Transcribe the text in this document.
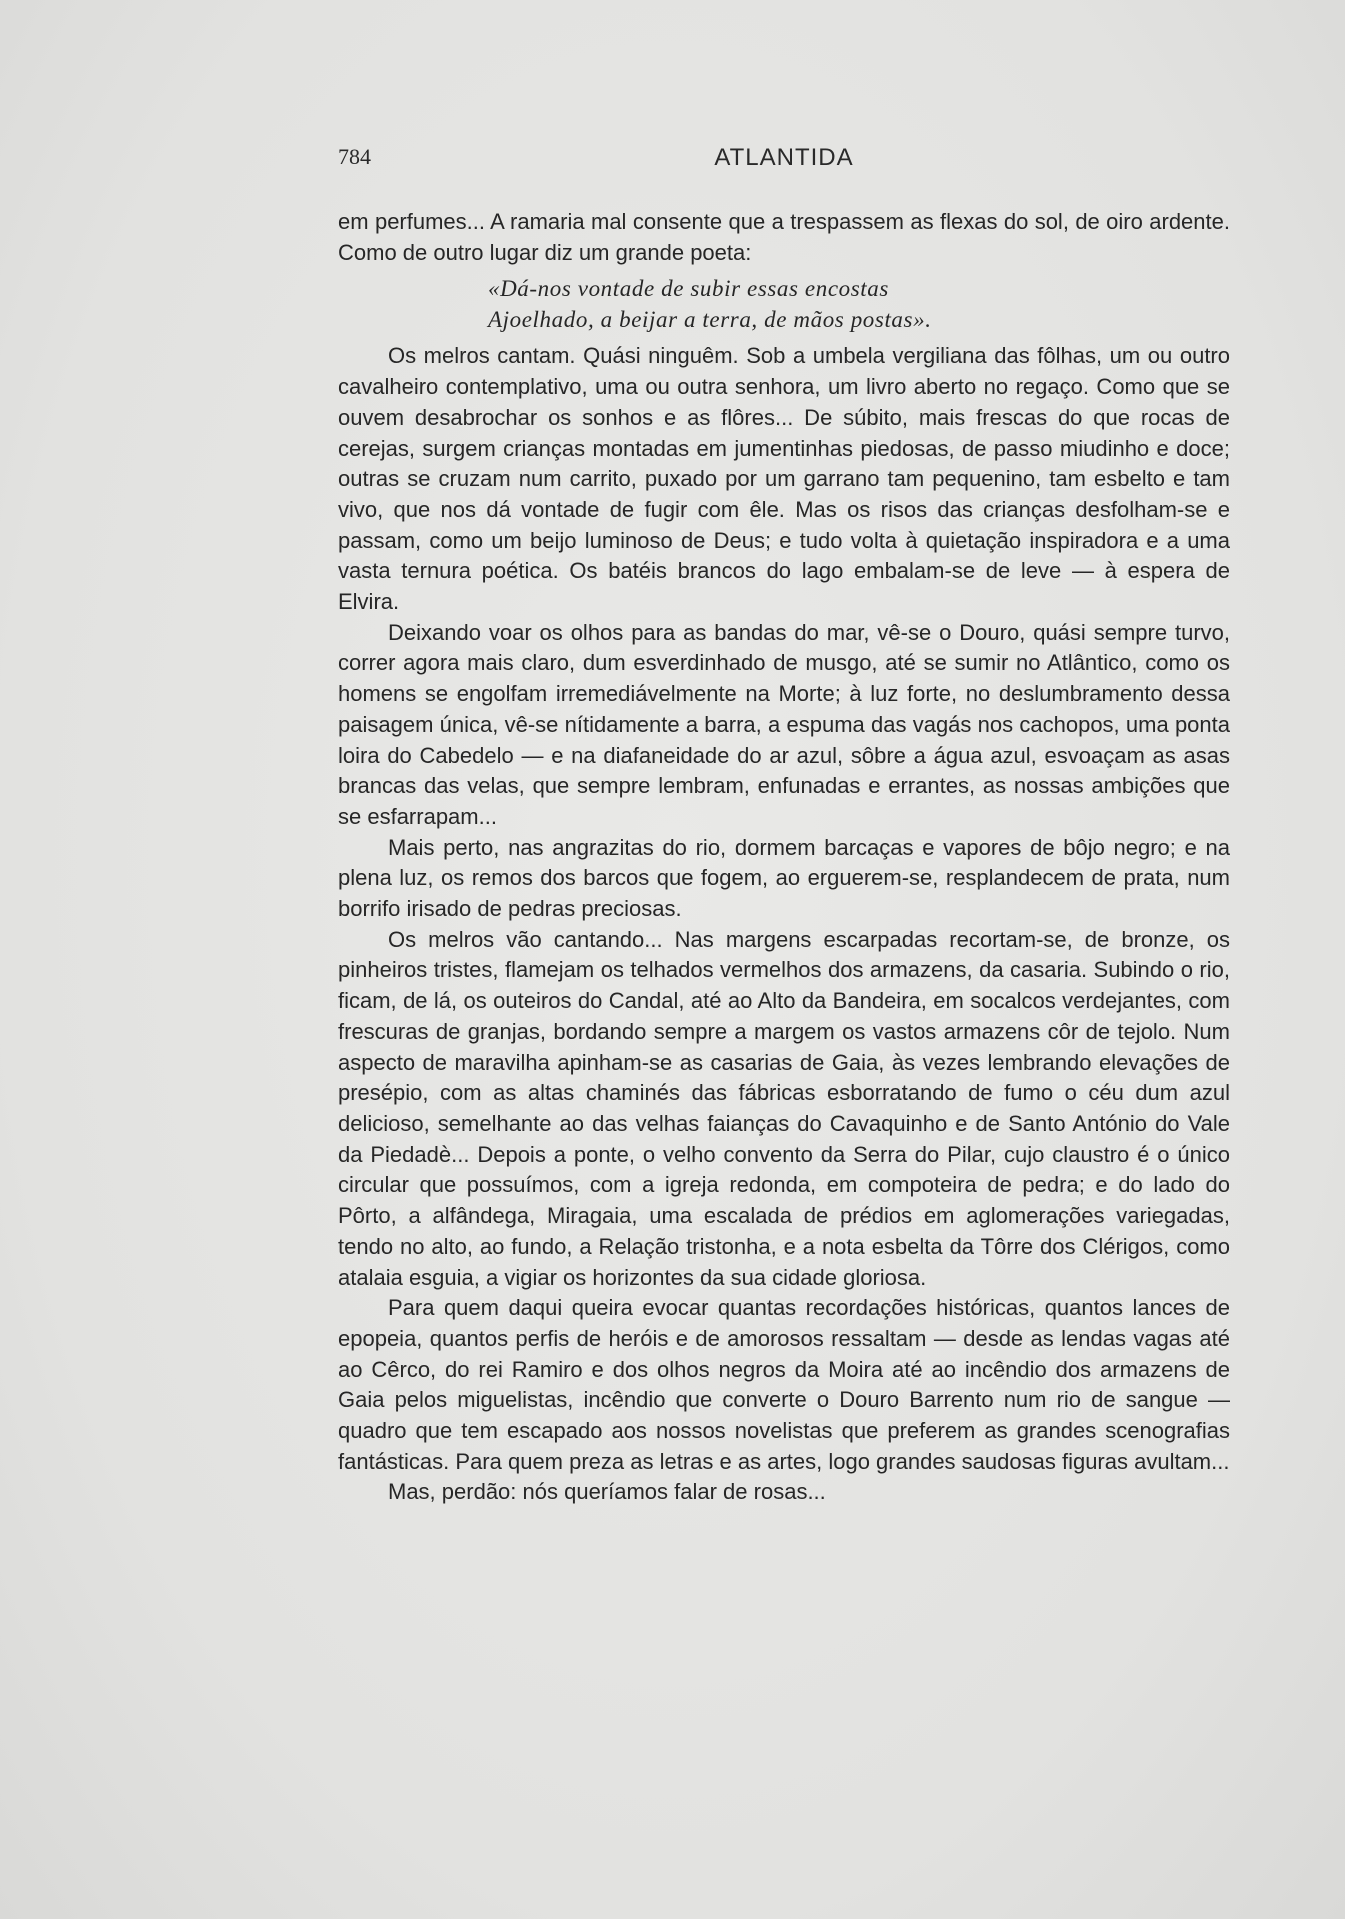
784	ATLANTIDA

em perfumes... A ramaria mal consente que a trespassem as flexas do sol, de oiro ardente. Como de outro lugar diz um grande poeta:

«Dá-nos vontade de subir essas encostas
Ajoelhado, a beijar a terra, de mãos postas».

Os melros cantam. Quási ninguêm. Sob a umbela vergiliana das fôlhas, um ou outro cavalheiro contemplativo, uma ou outra senhora, um livro aberto no regaço. Como que se ouvem desabrochar os sonhos e as flôres... De súbito, mais frescas do que rocas de cerejas, surgem crianças montadas em jumentinhas piedosas, de passo miudinho e doce; outras se cruzam num carrito, puxado por um garrano tam pequenino, tam esbelto e tam vivo, que nos dá vontade de fugir com êle. Mas os risos das crianças desfolham-se e passam, como um beijo luminoso de Deus; e tudo volta à quietação inspiradora e a uma vasta ternura poética. Os batéis brancos do lago embalam-se de leve — à espera de Elvira.

Deixando voar os olhos para as bandas do mar, vê-se o Douro, quási sempre turvo, correr agora mais claro, dum esverdinhado de musgo, até se sumir no Atlântico, como os homens se engolfam irremediávelmente na Morte; à luz forte, no deslumbramento dessa paisagem única, vê-se nítidamente a barra, a espuma das vagás nos cachopos, uma ponta loira do Cabedelo — e na diafaneidade do ar azul, sôbre a água azul, esvoaçam as asas brancas das velas, que sempre lembram, enfunadas e errantes, as nossas ambições que se esfarrapam...

Mais perto, nas angrazitas do rio, dormem barcaças e vapores de bôjo negro; e na plena luz, os remos dos barcos que fogem, ao erguerem-se, resplandecem de prata, num borrifo irisado de pedras preciosas.

Os melros vão cantando... Nas margens escarpadas recortam-se, de bronze, os pinheiros tristes, flamejam os telhados vermelhos dos armazens, da casaria. Subindo o rio, ficam, de lá, os outeiros do Candal, até ao Alto da Bandeira, em socalcos verdejantes, com frescuras de granjas, bordando sempre a margem os vastos armazens côr de tejolo. Num aspecto de maravilha apinham-se as casarias de Gaia, às vezes lembrando elevações de presépio, com as altas chaminés das fábricas esborratando de fumo o céu dum azul delicioso, semelhante ao das velhas faianças do Cavaquinho e de Santo António do Vale da Piedadè... Depois a ponte, o velho convento da Serra do Pilar, cujo claustro é o único circular que possuímos, com a igreja redonda, em compoteira de pedra; e do lado do Pôrto, a alfândega, Miragaia, uma escalada de prédios em aglomerações variegadas, tendo no alto, ao fundo, a Relação tristonha, e a nota esbelta da Tôrre dos Clérigos, como atalaia esguia, a vigiar os horizontes da sua cidade gloriosa.

Para quem daqui queira evocar quantas recordações históricas, quantos lances de epopeia, quantos perfis de heróis e de amorosos ressaltam — desde as lendas vagas até ao Cêrco, do rei Ramiro e dos olhos negros da Moira até ao incêndio dos armazens de Gaia pelos miguelistas, incêndio que converte o Douro Barrento num rio de sangue — quadro que tem escapado aos nossos novelistas que preferem as grandes scenografias fantásticas. Para quem preza as letras e as artes, logo grandes saudosas figuras avultam...

Mas, perdão: nós queríamos falar de rosas...
